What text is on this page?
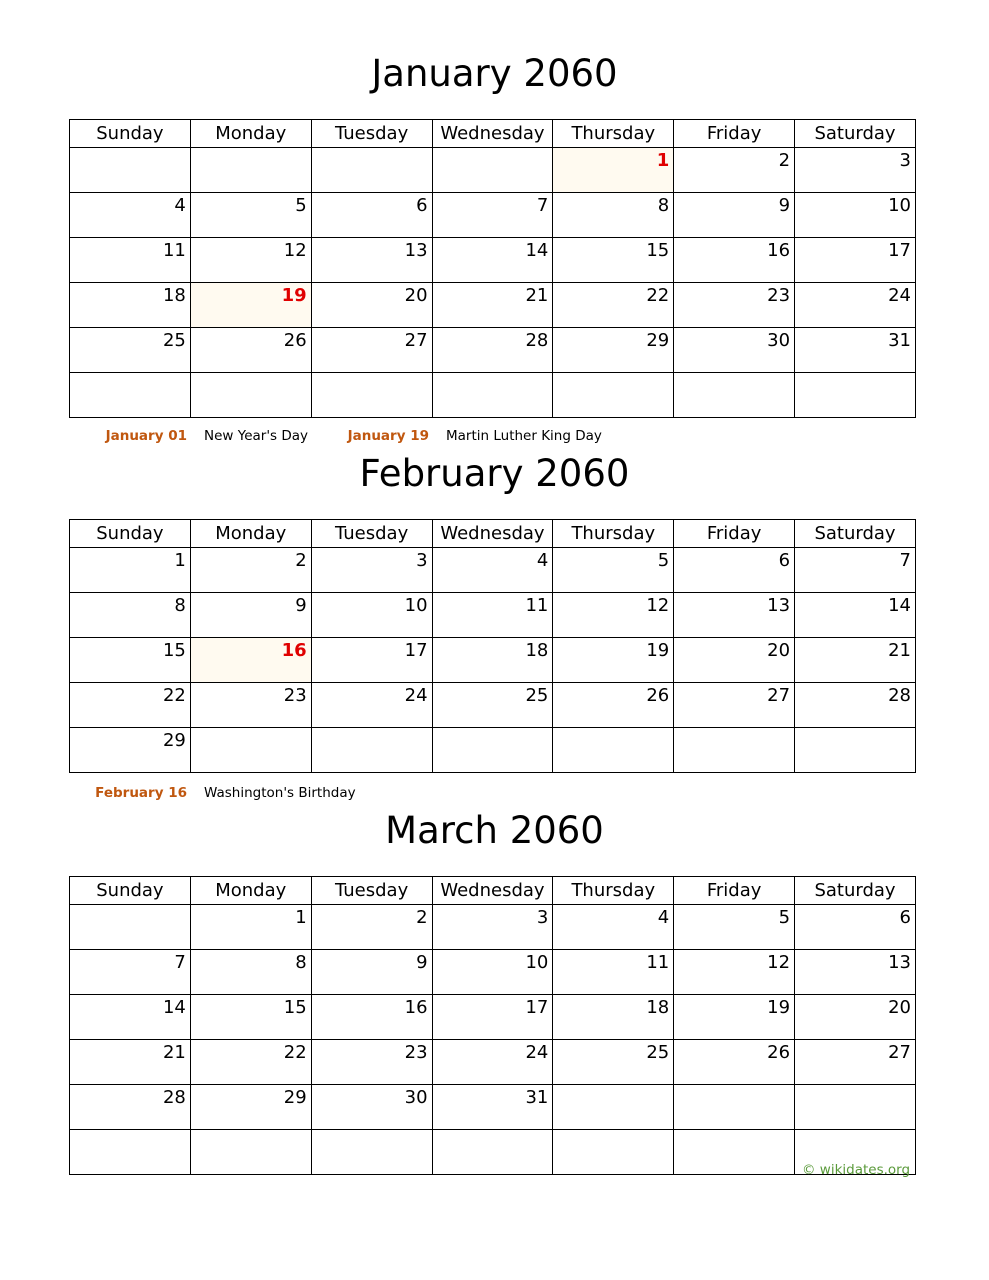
January 2060
Sunday	Monday	Tuesday	Wednesday	Thursday	Friday	Saturday
				1	2	3
4	5	6	7	8	9	10
11	12	13	14	15	16	17
18	19	20	21	22	23	24
25	26	27	28	29	30	31

January 01 New Year's Day	January 19 Martin Luther King Day
February 2060
Sunday	Monday	Tuesday	Wednesday	Thursday	Friday	Saturday
1	2	3	4	5	6	7
8	9	10	11	12	13	14
15	16	17	18	19	20	21
22	23	24	25	26	27	28
29						
February 16 Washington's Birthday
March 2060
Sunday	Monday	Tuesday	Wednesday	Thursday	Friday	Saturday
	1	2	3	4	5	6
7	8	9	10	11	12	13
14	15	16	17	18	19	20
21	22	23	24	25	26	27
28	29	30	31			

© wikidates.org
